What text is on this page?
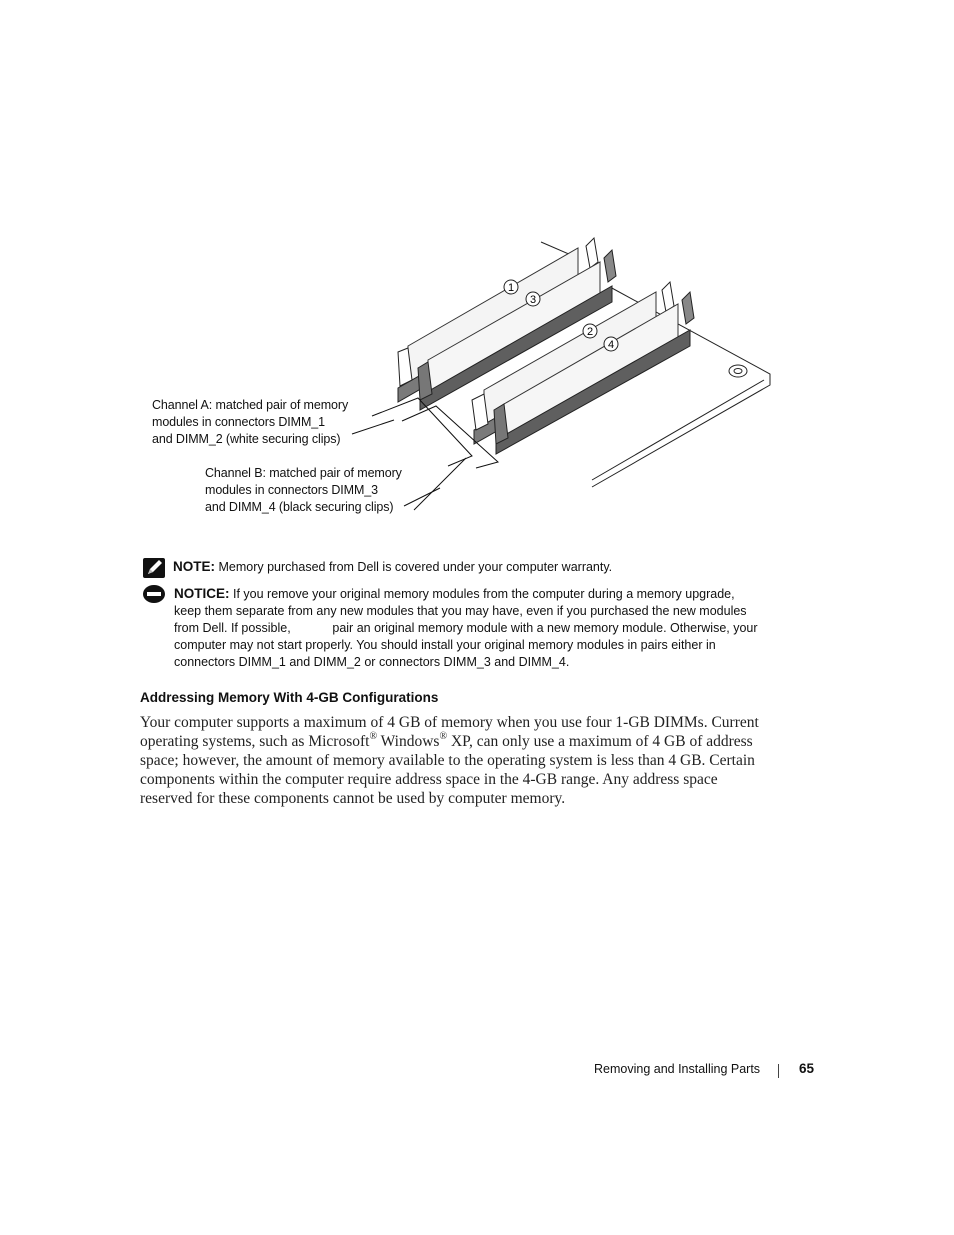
1
3
2
4
Channel A: matched pair of memory
modules in connectors DIMM_1
and DIMM_2 (white securing clips)
Channel B: matched pair of memory
modules in connectors DIMM_3
and DIMM_4 (black securing clips)
NOTE: Memory purchased from Dell is covered under your computer warranty.
NOTICE: If you remove your original memory modules from the computer during a memory upgrade,
keep them separate from any new modules that you may have, even if you purchased the new modules
from Dell. If possible,            pair an original memory module with a new memory module. Otherwise, your
computer may not start properly. You should install your original memory modules in pairs either in
connectors DIMM_1 and DIMM_2 or connectors DIMM_3 and DIMM_4.
Addressing Memory With 4-GB Configurations
Your computer supports a maximum of 4 GB of memory when you use four 1-GB DIMMs. Current
operating systems, such as Microsoft® Windows® XP, can only use a maximum of 4 GB of address
space; however, the amount of memory available to the operating system is less than 4 GB. Certain
components within the computer require address space in the 4-GB range. Any address space
reserved for these components cannot be used by computer memory.
Removing and Installing Parts	65
